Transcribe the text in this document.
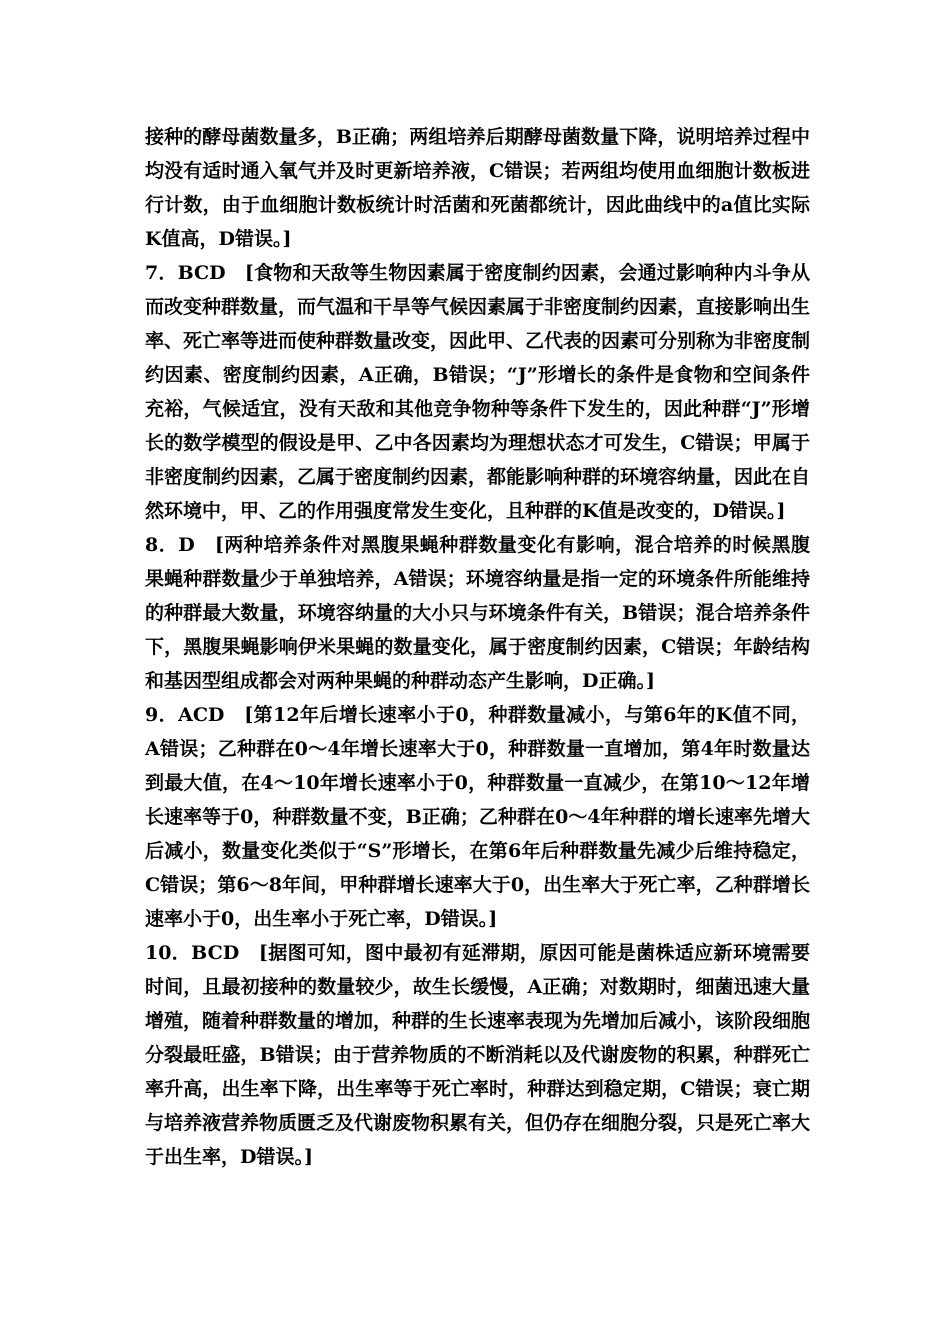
接种的酵母菌数量多，B正确；两组培养后期酵母菌数量下降，说明培养过程中均没有适时通入氧气并及时更新培养液，C错误；若两组均使用血细胞计数板进行计数，由于血细胞计数板统计时活菌和死菌都统计，因此曲线中的a值比实际K值高，D错误。]

7．BCD　[食物和天敌等生物因素属于密度制约因素，会通过影响种内斗争从而改变种群数量，而气温和干旱等气候因素属于非密度制约因素，直接影响出生率、死亡率等进而使种群数量改变，因此甲、乙代表的因素可分别称为非密度制约因素、密度制约因素，A正确，B错误；“J”形增长的条件是食物和空间条件充裕，气候适宜，没有天敌和其他竞争物种等条件下发生的，因此种群“J”形增长的数学模型的假设是甲、乙中各因素均为理想状态才可发生，C错误；甲属于非密度制约因素，乙属于密度制约因素，都能影响种群的环境容纳量，因此在自然环境中，甲、乙的作用强度常发生变化，且种群的K值是改变的，D错误。]

8．D　[两种培养条件对黑腹果蝇种群数量变化有影响，混合培养的时候黑腹果蝇种群数量少于单独培养，A错误；环境容纳量是指一定的环境条件所能维持的种群最大数量，环境容纳量的大小只与环境条件有关，B错误；混合培养条件下，黑腹果蝇影响伊米果蝇的数量变化，属于密度制约因素，C错误；年龄结构和基因型组成都会对两种果蝇的种群动态产生影响，D正确。]

9．ACD　[第12年后增长速率小于0，种群数量减小，与第6年的K值不同，A错误；乙种群在0～4年增长速率大于0，种群数量一直增加，第4年时数量达到最大值，在4～10年增长速率小于0，种群数量一直减少，在第10～12年增长速率等于0，种群数量不变，B正确；乙种群在0～4年种群的增长速率先增大后减小，数量变化类似于“S”形增长，在第6年后种群数量先减少后维持稳定，C错误；第6～8年间，甲种群增长速率大于0，出生率大于死亡率，乙种群增长速率小于0，出生率小于死亡率，D错误。]

10．BCD　[据图可知，图中最初有延滞期，原因可能是菌株适应新环境需要时间，且最初接种的数量较少，故生长缓慢，A正确；对数期时，细菌迅速大量增殖，随着种群数量的增加，种群的生长速率表现为先增加后减小，该阶段细胞分裂最旺盛，B错误；由于营养物质的不断消耗以及代谢废物的积累，种群死亡率升高，出生率下降，出生率等于死亡率时，种群达到稳定期，C错误；衰亡期与培养液营养物质匮乏及代谢废物积累有关，但仍存在细胞分裂，只是死亡率大于出生率，D错误。]
